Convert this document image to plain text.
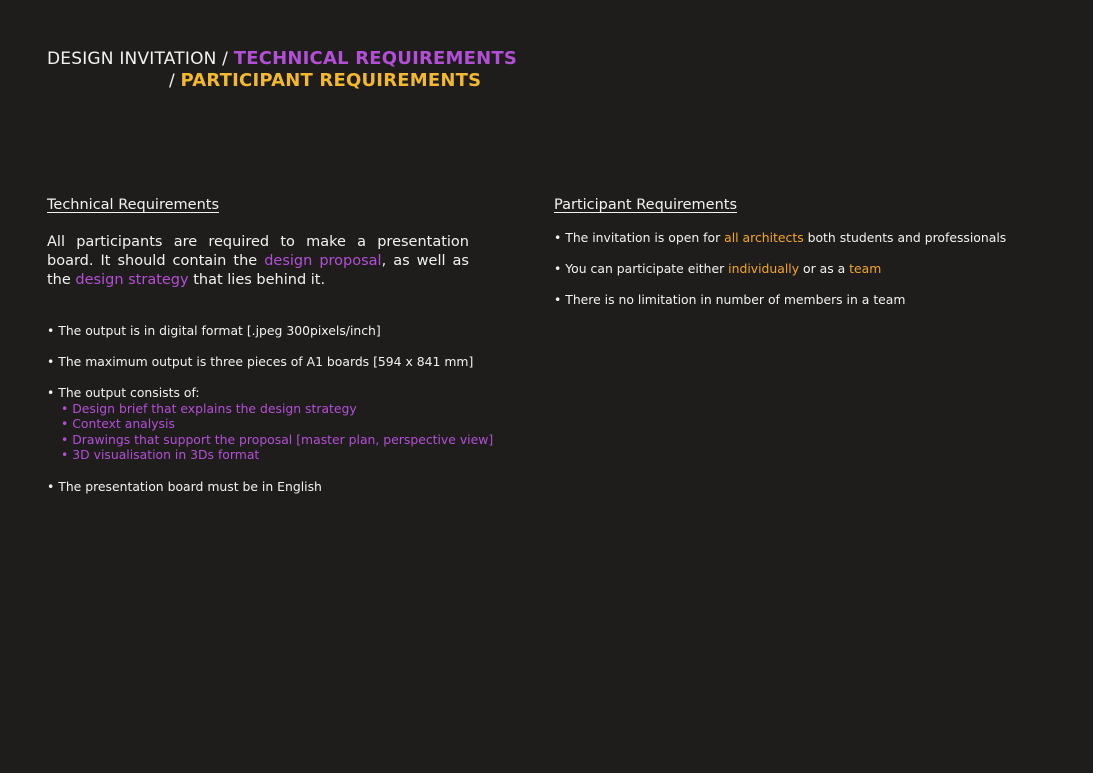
DESIGN INVITATION / TECHNICAL REQUIREMENTS
/ PARTICIPANT REQUIREMENTS
Technical Requirements
All participants are required to make a presentation board. It should contain the design proposal, as well as the design strategy that lies behind it.
• The output is in digital format [.jpeg 300pixels/inch]
• The maximum output is three pieces of A1 boards [594 x 841 mm]
• The output consists of:
• Design brief that explains the design strategy
• Context analysis
• Drawings that support the proposal [master plan, perspective view]
• 3D visualisation in 3Ds format
• The presentation board must be in English
Participant Requirements
• The invitation is open for all architects both students and professionals
• You can participate either individually or as a team
• There is no limitation in number of members in a team
